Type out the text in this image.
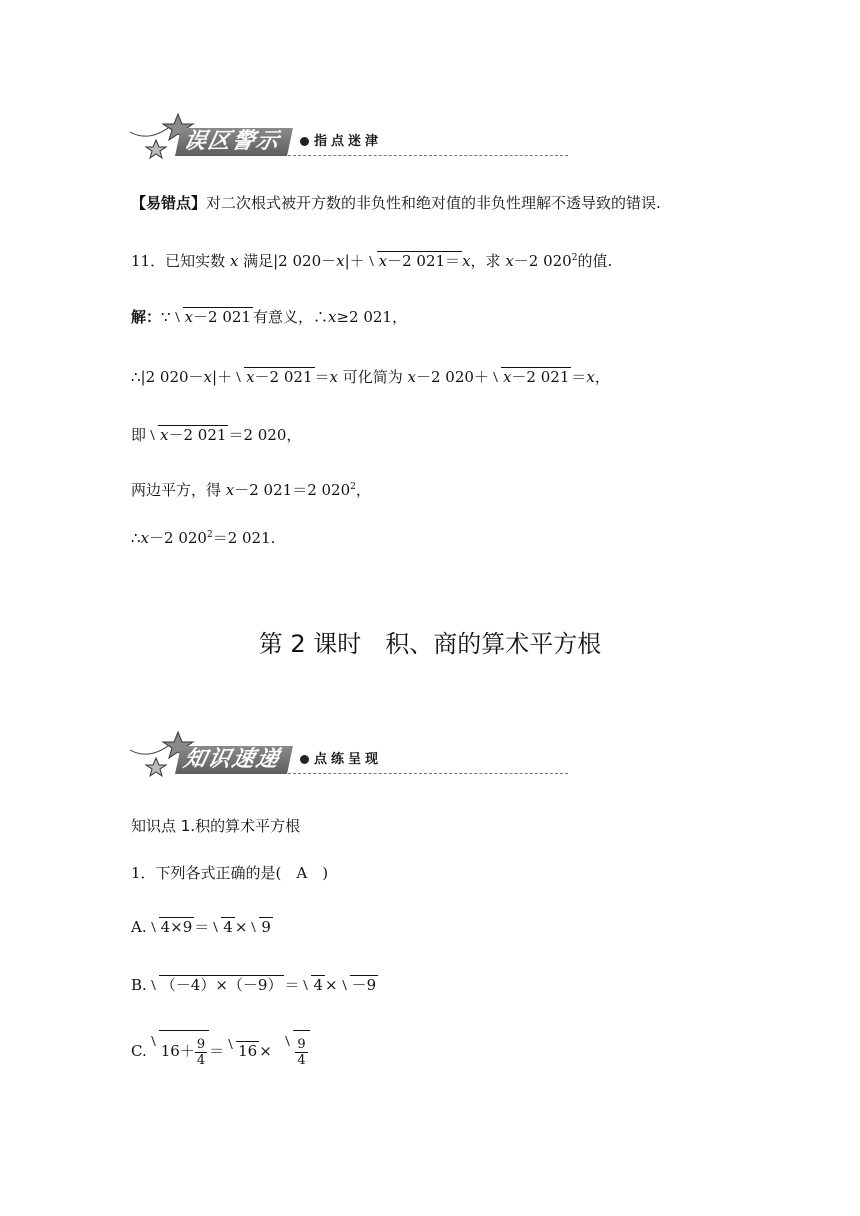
误区警示	指点迷津
【易错点】对二次根式被开方数的非负性和绝对值的非负性理解不透导致的错误.
11．已知实数 x 满足|2 020－x|＋ x－2 021＝ x，求 x－2 $020^2$的值.
解：∵ x－2 021 有意义，∴x≥2 021，
∴|2 020－x|＋ x－2 021 ＝x 可化简为 x－2 020＋ x－2 021 ＝x，
即 x－2 021 ＝2 020，
两边平方，得 x－2 021＝2 $020^2$，
∴x－2 $020^2=2$ 021.
第 2 课时　积、商的算术平方根
知识速递	点练呈现
知识点 1.积的算术平方根
1．下列各式正确的是(　A　)
A. 4×9 ＝ 4 × 9
B. （－4）×（－9） ＝ 4 × －9
C. $16+ \frac{9}{4} = 16 \times \frac{9}{4}$
